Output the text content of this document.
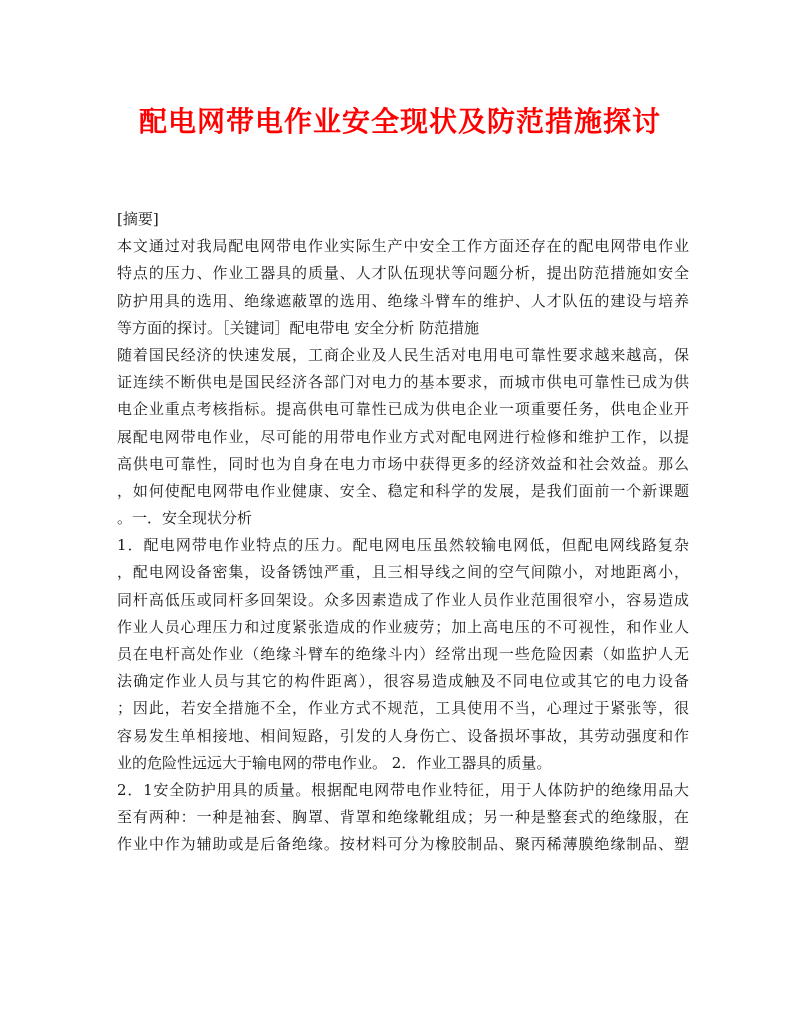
配电网带电作业安全现状及防范措施探讨
[摘要]
本文通过对我局配电网带电作业实际生产中安全工作方面还存在的配电网带电作业
特点的压力、作业工器具的质量、人才队伍现状等问题分析，提出防范措施如安全
防护用具的选用、绝缘遮蔽罩的选用、绝缘斗臂车的维护、人才队伍的建设与培养
等方面的探讨。［关键词］配电带电 安全分析 防范措施
随着国民经济的快速发展，工商企业及人民生活对电用电可靠性要求越来越高，保
证连续不断供电是国民经济各部门对电力的基本要求，而城市供电可靠性已成为供
电企业重点考核指标。提高供电可靠性已成为供电企业一项重要任务，供电企业开
展配电网带电作业，尽可能的用带电作业方式对配电网进行检修和维护工作，以提
高供电可靠性，同时也为自身在电力市场中获得更多的经济效益和社会效益。那么
，如何使配电网带电作业健康、安全、稳定和科学的发展，是我们面前一个新课题
。一．安全现状分析
1．配电网带电作业特点的压力。配电网电压虽然较输电网低，但配电网线路复杂
，配电网设备密集，设备锈蚀严重，且三相导线之间的空气间隙小，对地距离小，
同杆高低压或同杆多回架设。众多因素造成了作业人员作业范围很窄小，容易造成
作业人员心理压力和过度紧张造成的作业疲劳；加上高电压的不可视性，和作业人
员在电杆高处作业（绝缘斗臂车的绝缘斗内）经常出现一些危险因素（如监护人无
法确定作业人员与其它的构件距离），很容易造成触及不同电位或其它的电力设备
；因此，若安全措施不全，作业方式不规范，工具使用不当，心理过于紧张等，很
容易发生单相接地、相间短路，引发的人身伤亡、设备损坏事故，其劳动强度和作
业的危险性远远大于输电网的带电作业。 2．作业工器具的质量。
2．1安全防护用具的质量。根据配电网带电作业特征，用于人体防护的绝缘用品大
至有两种：一种是袖套、胸罩、背罩和绝缘靴组成；另一种是整套式的绝缘服，在
作业中作为辅助或是后备绝缘。按材料可分为橡胶制品、聚丙稀薄膜绝缘制品、塑
